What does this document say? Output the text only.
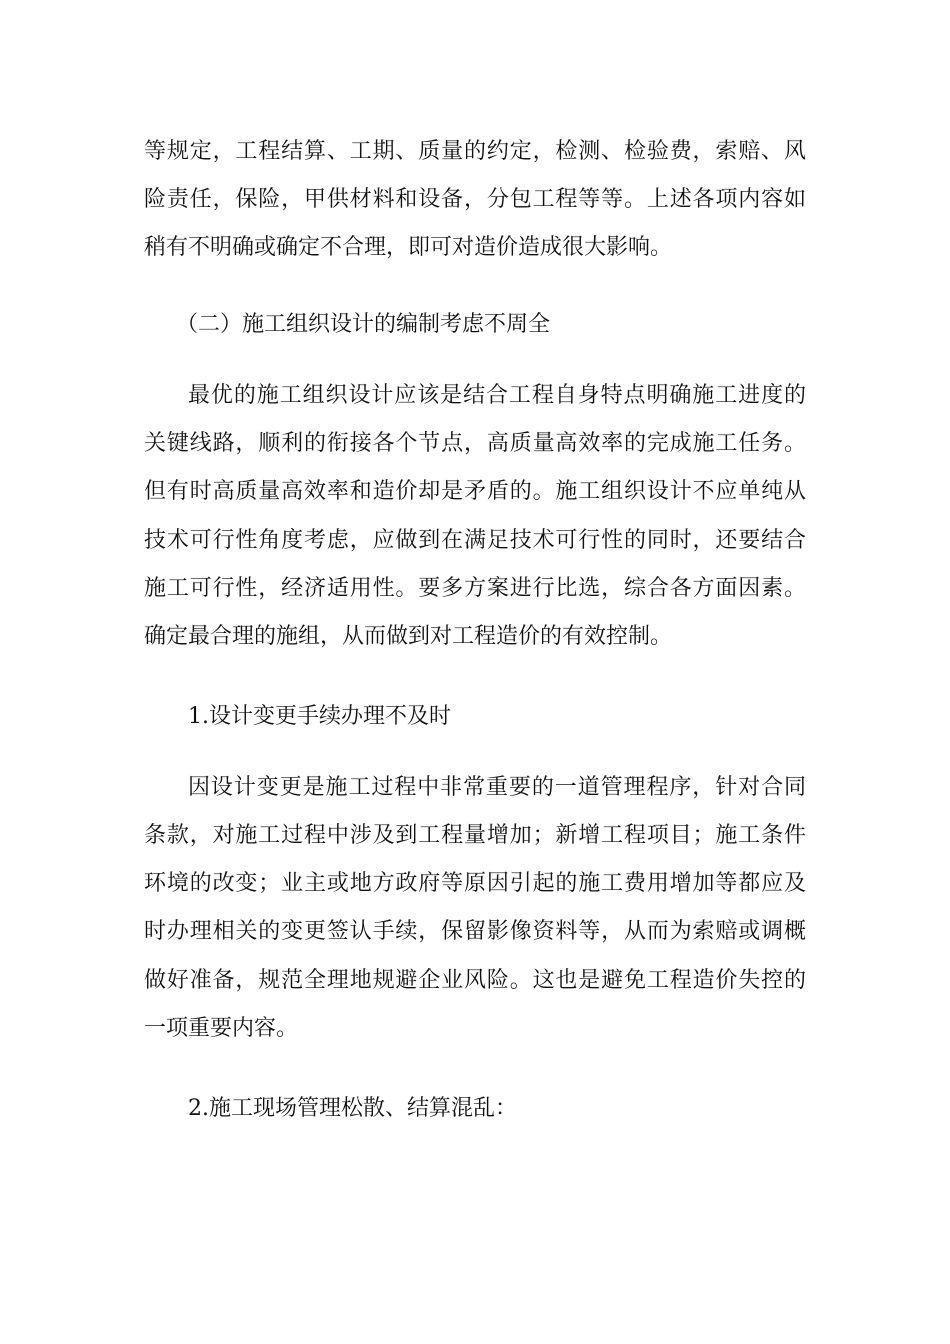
等规定，工程结算、工期、质量的约定，检测、检验费，索赔、风
险责任，保险，甲供材料和设备，分包工程等等。上述各项内容如
稍有不明确或确定不合理，即可对造价造成很大影响。
（二）施工组织设计的编制考虑不周全
最优的施工组织设计应该是结合工程自身特点明确施工进度的
关键线路，顺利的衔接各个节点，高质量高效率的完成施工任务。
但有时高质量高效率和造价却是矛盾的。施工组织设计不应单纯从
技术可行性角度考虑，应做到在满足技术可行性的同时，还要结合
施工可行性，经济适用性。要多方案进行比选，综合各方面因素。
确定最合理的施组，从而做到对工程造价的有效控制。
1.设计变更手续办理不及时
因设计变更是施工过程中非常重要的一道管理程序，针对合同
条款，对施工过程中涉及到工程量增加；新增工程项目；施工条件
环境的改变；业主或地方政府等原因引起的施工费用增加等都应及
时办理相关的变更签认手续，保留影像资料等，从而为索赔或调概
做好准备，规范全理地规避企业风险。这也是避免工程造价失控的
一项重要内容。
2.施工现场管理松散、结算混乱：
